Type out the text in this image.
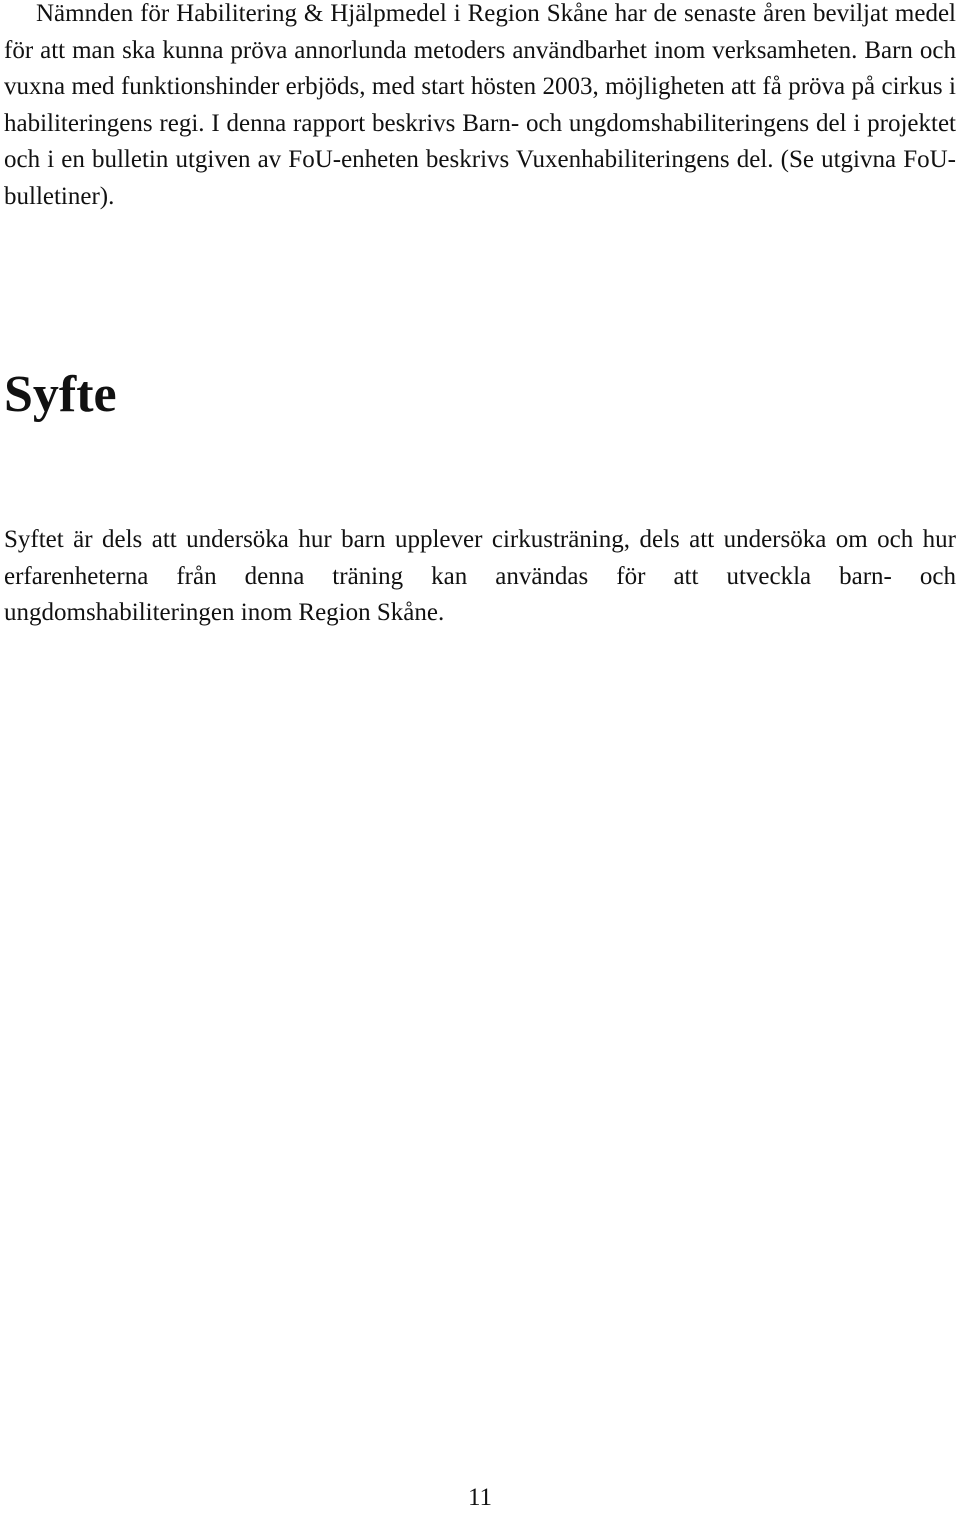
Nämnden för Habilitering & Hjälpmedel i Region Skåne har de senaste åren beviljat medel för att man ska kunna pröva annorlunda metoders användbarhet inom verksamheten. Barn och vuxna med funktionshinder erbjöds, med start hösten 2003, möjligheten att få pröva på cirkus i habiliteringens regi. I denna rapport beskrivs Barn- och ungdomshabiliteringens del i projektet och i en bulletin utgiven av FoU-enheten beskrivs Vuxenhabiliteringens del. (Se utgivna FoU-bulletiner).

Syfte

Syftet är dels att undersöka hur barn upplever cirkusträning, dels att undersöka om och hur erfarenheterna från denna träning kan användas för att utveckla barn- och ungdomshabiliteringen inom Region Skåne.

11
